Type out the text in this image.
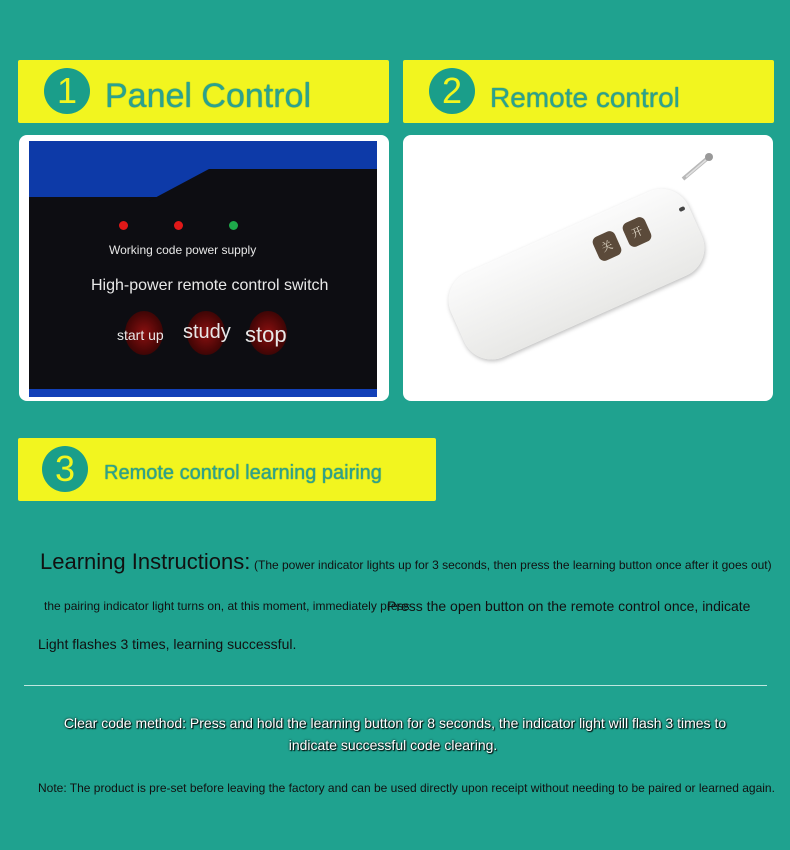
1 Panel Control	2 Remote control
Working code power supply
High-power remote control switch
start up study stop
开
关
3	Remote control learning pairing
Learning Instructions: (The power indicator lights up for 3 seconds, then press the learning button once after it goes out)
the pairing indicator light turns on, at this moment, immediately press
Press the open button on the remote control once, indicate
Light flashes 3 times, learning successful.
Clear code method: Press and hold the learning button for 8 seconds, the indicator light will flash 3 times to
indicate successful code clearing.
Note: The product is pre-set before leaving the factory and can be used directly upon receipt without needing to be paired or learned again.
